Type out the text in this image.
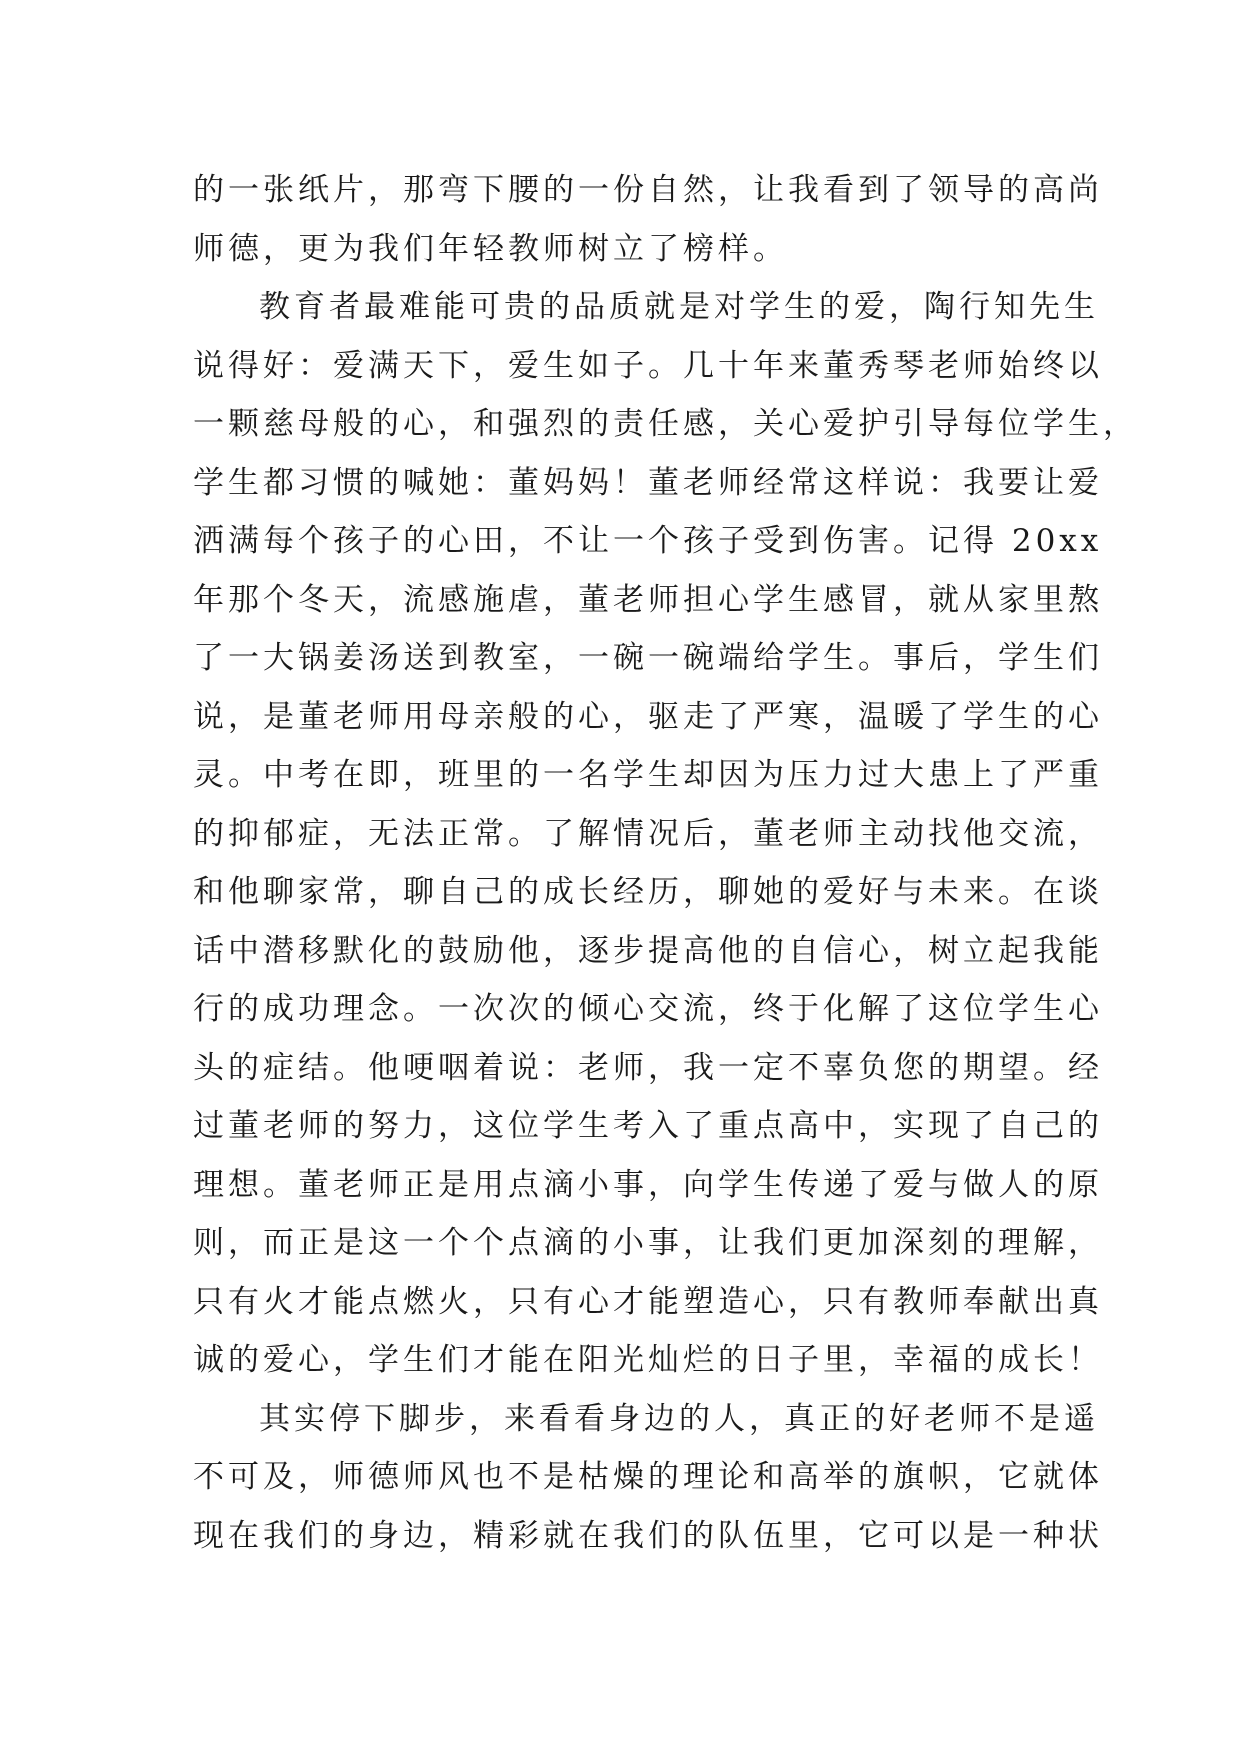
的一张纸片，那弯下腰的一份自然，让我看到了领导的高尚
师德，更为我们年轻教师树立了榜样。
教育者最难能可贵的品质就是对学生的爱，陶行知先生
说得好：爱满天下，爱生如子。几十年来董秀琴老师始终以
一颗慈母般的心，和强烈的责任感，关心爱护引导每位学生，
学生都习惯的喊她：董妈妈！董老师经常这样说：我要让爱
洒满每个孩子的心田，不让一个孩子受到伤害。记得 20xx
年那个冬天，流感施虐，董老师担心学生感冒，就从家里熬
了一大锅姜汤送到教室，一碗一碗端给学生。事后，学生们
说，是董老师用母亲般的心，驱走了严寒，温暖了学生的心
灵。中考在即，班里的一名学生却因为压力过大患上了严重
的抑郁症，无法正常。了解情况后，董老师主动找他交流，
和他聊家常，聊自己的成长经历，聊她的爱好与未来。在谈
话中潜移默化的鼓励他，逐步提高他的自信心，树立起我能
行的成功理念。一次次的倾心交流，终于化解了这位学生心
头的症结。他哽咽着说：老师，我一定不辜负您的期望。经
过董老师的努力，这位学生考入了重点高中，实现了自己的
理想。董老师正是用点滴小事，向学生传递了爱与做人的原
则，而正是这一个个点滴的小事，让我们更加深刻的理解，
只有火才能点燃火，只有心才能塑造心，只有教师奉献出真
诚的爱心，学生们才能在阳光灿烂的日子里，幸福的成长！
其实停下脚步，来看看身边的人，真正的好老师不是遥
不可及，师德师风也不是枯燥的理论和高举的旗帜，它就体
现在我们的身边，精彩就在我们的队伍里，它可以是一种状
